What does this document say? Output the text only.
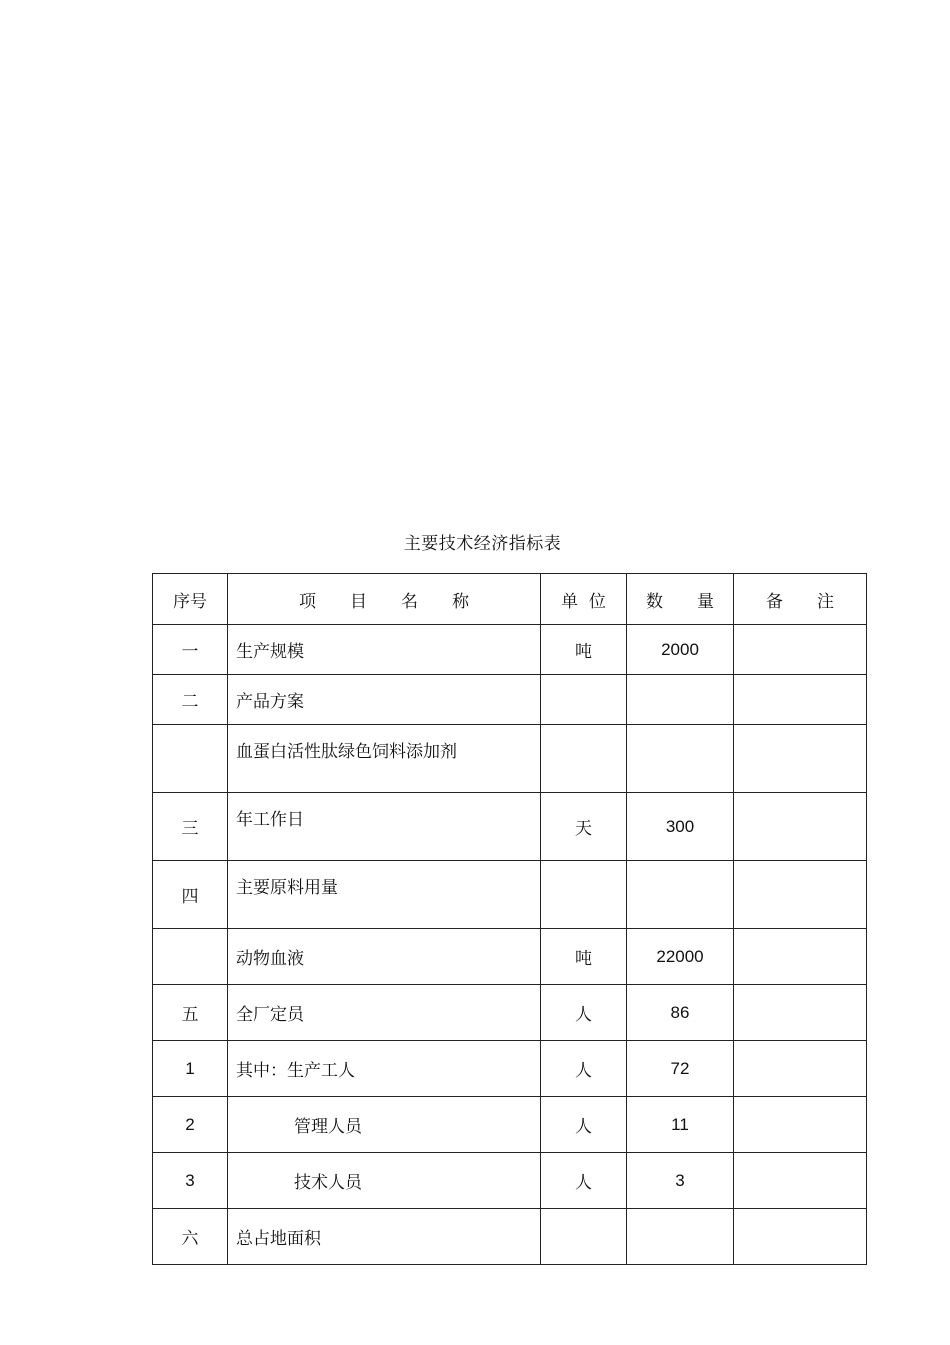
主要技术经济指标表
序号	项　　目　　名　　称	单  位	数　　量	备　　注
一	生产规模	吨	2000	
二	产品方案			
	血蛋白活性肽绿色饲料添加剂			
三	年工作日	天	300	
四	主要原料用量			
	动物血液	吨	22000	
五	全厂定员	人	86	
1	其中：生产工人	人	72	
2	管理人员	人	11	
3	技术人员	人	3	
六	总占地面积			
